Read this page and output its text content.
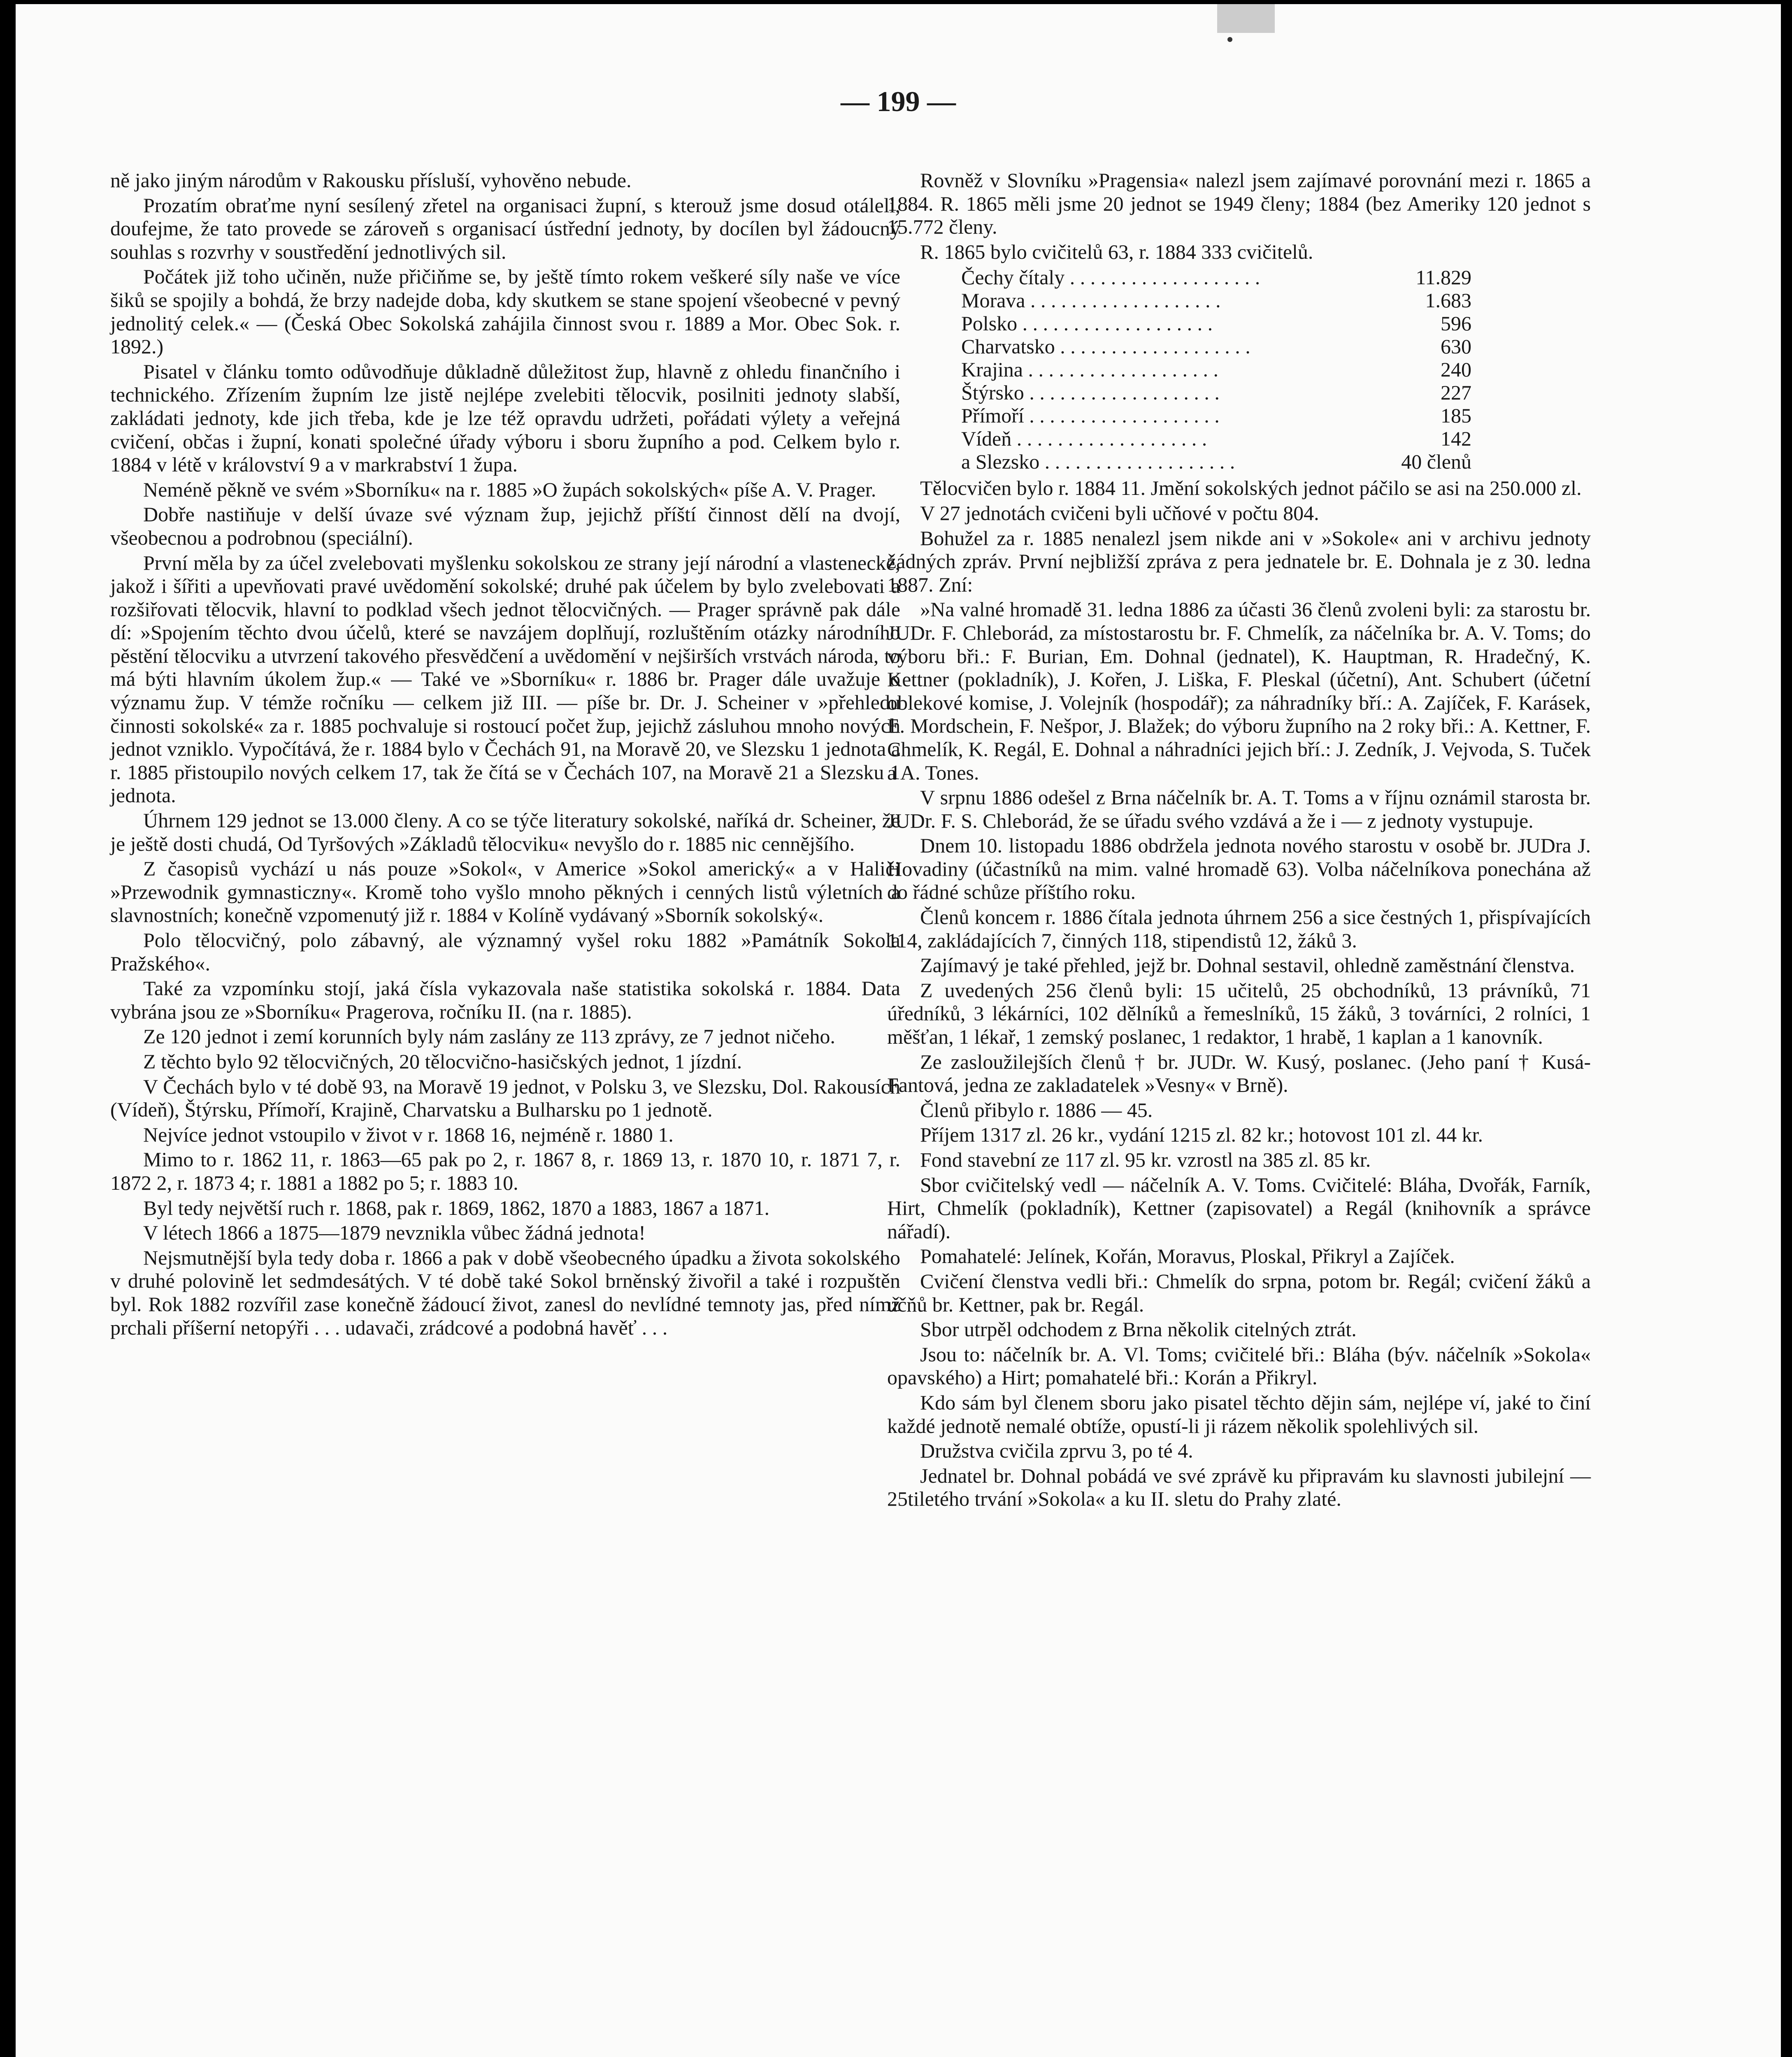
— 199 —

ně jako jiným národům v Rakousku přísluší, vyhověno nebude.

Prozatím obraťme nyní sesílený zřetel na organisaci župní, s kterouž jsme dosud otáleli, doufejme, že tato provede se zároveň s organisací ústřední jednoty, by docílen byl žádoucný souhlas s rozvrhy v soustředění jednotlivých sil.

Počátek již toho učiněn, nuže přičiňme se, by ještě tímto rokem veškeré síly naše ve více šiků se spojily a bohdá, že brzy nadejde doba, kdy skutkem se stane spojení všeobecné v pevný jednolitý celek.« — (Česká Obec Sokolská zahájila činnost svou r. 1889 a Mor. Obec Sok. r. 1892.)

Pisatel v článku tomto odůvodňuje důkladně důležitost žup, hlavně z ohledu finančního i technického. Zřízením župním lze jistě nejlépe zvelebiti tělocvik, posilniti jednoty slabší, zakládati jednoty, kde jich třeba, kde je lze též opravdu udržeti, pořádati výlety a veřejná cvičení, občas i župní, konati společné úřady výboru i sboru župního a pod. Celkem bylo r. 1884 v létě v království 9 a v markrabství 1 župa.

Neméně pěkně ve svém »Sborníku« na r. 1885 »O župách sokolských« píše A. V. Prager.

Dobře nastiňuje v delší úvaze své význam žup, jejichž příští činnost dělí na dvojí, všeobecnou a podrobnou (speciální).

První měla by za účel zvelebovati myšlenku sokolskou ze strany její národní a vlastenecké, jakož i šířiti a upevňovati pravé uvědomění sokolské; druhé pak účelem by bylo zvelebovati a rozšiřovati tělocvik, hlavní to podklad všech jednot tělocvičných. — Prager správně pak dále dí: »Spojením těchto dvou účelů, které se navzájem doplňují, rozluštěním otázky národního pěstění tělocviku a utvrzení takového přesvědčení a uvědomění v nejširších vrstvách národa, to má býti hlavním úkolem žup.« — Také ve »Sborníku« r. 1886 br. Prager dále uvažuje o významu žup. V témže ročníku — celkem již III. — píše br. Dr. J. Scheiner v »přehledu činnosti sokolské« za r. 1885 pochvaluje si rostoucí počet žup, jejichž zásluhou mnoho nových jednot vzniklo. Vypočítává, že r. 1884 bylo v Čechách 91, na Moravě 20, ve Slezsku 1 jednota a r. 1885 přistoupilo nových celkem 17, tak že čítá se v Čechách 107, na Moravě 21 a Slezsku 1 jednota.

Úhrnem 129 jednot se 13.000 členy. A co se týče literatury sokolské, naříká dr. Scheiner, že je ještě dosti chudá, Od Tyršových »Základů tělocviku« nevyšlo do r. 1885 nic cennějšího.

Z časopisů vychází u nás pouze »Sokol«, v Americe »Sokol americký« a v Haliči »Przewodnik gymnasticzny«. Kromě toho vyšlo mnoho pěkných i cenných listů výletních a slavnostních; konečně vzpomenutý již r. 1884 v Kolíně vydávaný »Sborník sokolský«.

Polo tělocvičný, polo zábavný, ale významný vyšel roku 1882 »Památník Sokola Pražského«.

Také za vzpomínku stojí, jaká čísla vykazovala naše statistika sokolská r. 1884. Data vybrána jsou ze »Sborníku« Pragerova, ročníku II. (na r. 1885).

Ze 120 jednot i zemí korunních byly nám zaslány ze 113 zprávy, ze 7 jednot ničeho.

Z těchto bylo 92 tělocvičných, 20 tělocvično-hasičských jednot, 1 jízdní.

V Čechách bylo v té době 93, na Moravě 19 jednot, v Polsku 3, ve Slezsku, Dol. Rakousích (Vídeň), Štýrsku, Přímoří, Krajině, Charvatsku a Bulharsku po 1 jednotě.

Nejvíce jednot vstoupilo v život v r. 1868 16, nejméně r. 1880 1.

Mimo to r. 1862 11, r. 1863—65 pak po 2, r. 1867 8, r. 1869 13, r. 1870 10, r. 1871 7, r. 1872 2, r. 1873 4; r. 1881 a 1882 po 5; r. 1883 10.

Byl tedy největší ruch r. 1868, pak r. 1869, 1862, 1870 a 1883, 1867 a 1871.

V létech 1866 a 1875—1879 nevznikla vůbec žádná jednota!

Nejsmutnější byla tedy doba r. 1866 a pak v době všeobecného úpadku a života sokolského v druhé polovině let sedmdesátých. V té době také Sokol brněnský živořil a také i rozpuštěn byl. Rok 1882 rozvířil zase konečně žádoucí život, zanesl do nevlídné temnoty jas, před nímž prchali příšerní netopýři . . . udavači, zrádcové a podobná havěť . . .

Rovněž v Slovníku »Pragensia« nalezl jsem zajímavé porovnání mezi r. 1865 a 1884. R. 1865 měli jsme 20 jednot se 1949 členy; 1884 (bez Ameriky 120 jednot s 15.772 členy.

R. 1865 bylo cvičitelů 63, r. 1884 333 cvičitelů.

Čechy čítaly . . .	11.829
Morava . . .	1.683
Polsko . . .	596
Charvatsko . . .	630
Krajina . . .	240
Štýrsko . . .	227
Přímoří . . .	185
Vídeň . . .	142
a Slezsko . . .	40 členů

Tělocvičen bylo r. 1884 11. Jmění sokolských jednot páčilo se asi na 250.000 zl.

V 27 jednotách cvičeni byli učňové v počtu 804.

Bohužel za r. 1885 nenalezl jsem nikde ani v »Sokole« ani v archivu jednoty žádných zpráv. První nejbližší zpráva z pera jednatele br. E. Dohnala je z 30. ledna 1887. Zní:

»Na valné hromadě 31. ledna 1886 za účasti 36 členů zvoleni byli: za starostu br. JUDr. F. Chleborád, za místostarostu br. F. Chmelík, za náčelníka br. A. V. Toms; do výboru bři.: F. Burian, Em. Dohnal (jednatel), K. Hauptman, R. Hradečný, K. Kettner (pokladník), J. Kořen, J. Liška, F. Pleskal (účetní), Ant. Schubert (účetní oblekové komise, J. Volejník (hospodář); za náhradníky bří.: A. Zajíček, F. Karásek, E. Mordschein, F. Nešpor, J. Blažek; do výboru župního na 2 roky bři.: A. Kettner, F. Chmelík, K. Regál, E. Dohnal a náhradníci jejich bří.: J. Zedník, J. Vejvoda, S. Tuček a A. Tones.

V srpnu 1886 odešel z Brna náčelník br. A. T. Toms a v říjnu oznámil starosta br. JUDr. F. S. Chleborád, že se úřadu svého vzdává a že i — z jednoty vystupuje.

Dnem 10. listopadu 1886 obdržela jednota nového starostu v osobě br. JUDra J. Hovadiny (účastníků na mim. valné hromadě 63). Volba náčelníkova ponechána až do řádné schůze příštího roku.

Členů koncem r. 1886 čítala jednota úhrnem 256 a sice čestných 1, přispívajících 114, zakládajících 7, činných 118, stipendistů 12, žáků 3.

Zajímavý je také přehled, jejž br. Dohnal sestavil, ohledně zaměstnání členstva.

Z uvedených 256 členů byli: 15 učitelů, 25 obchodníků, 13 právníků, 71 úředníků, 3 lékárníci, 102 dělníků a řemeslníků, 15 žáků, 3 továrníci, 2 rolníci, 1 měšťan, 1 lékař, 1 zemský poslanec, 1 redaktor, 1 hrabě, 1 kaplan a 1 kanovník.

Ze zasloužilejších členů † br. JUDr. W. Kusý, poslanec. (Jeho paní † Kusá-Fantová, jedna ze zakladatelek »Vesny« v Brně).

Členů přibylo r. 1886 — 45.

Příjem 1317 zl. 26 kr., vydání 1215 zl. 82 kr.; hotovost 101 zl. 44 kr.

Fond stavební ze 117 zl. 95 kr. vzrostl na 385 zl. 85 kr.

Sbor cvičitelský vedl — náčelník A. V. Toms. Cvičitelé: Bláha, Dvořák, Farník, Hirt, Chmelík (pokladník), Kettner (zapisovatel) a Regál (knihovník a správce nářadí).

Pomahatelé: Jelínek, Kořán, Moravus, Ploskal, Přikryl a Zajíček.

Cvičení členstva vedli bři.: Chmelík do srpna, potom br. Regál; cvičení žáků a učňů br. Kettner, pak br. Regál.

Sbor utrpěl odchodem z Brna několik citelných ztrát.

Jsou to: náčelník br. A. Vl. Toms; cvičitelé bři.: Bláha (býv. náčelník »Sokola« opavského) a Hirt; pomahatelé bři.: Korán a Přikryl.

Kdo sám byl členem sboru jako pisatel těchto dějin sám, nejlépe ví, jaké to činí každé jednotě nemalé obtíže, opustí-li ji rázem několik spolehlivých sil.

Družstva cvičila zprvu 3, po té 4.

Jednatel br. Dohnal pobádá ve své zprávě ku připravám ku slavnosti jubilejní — 25tiletého trvání »Sokola« a ku II. sletu do Prahy zlaté.
